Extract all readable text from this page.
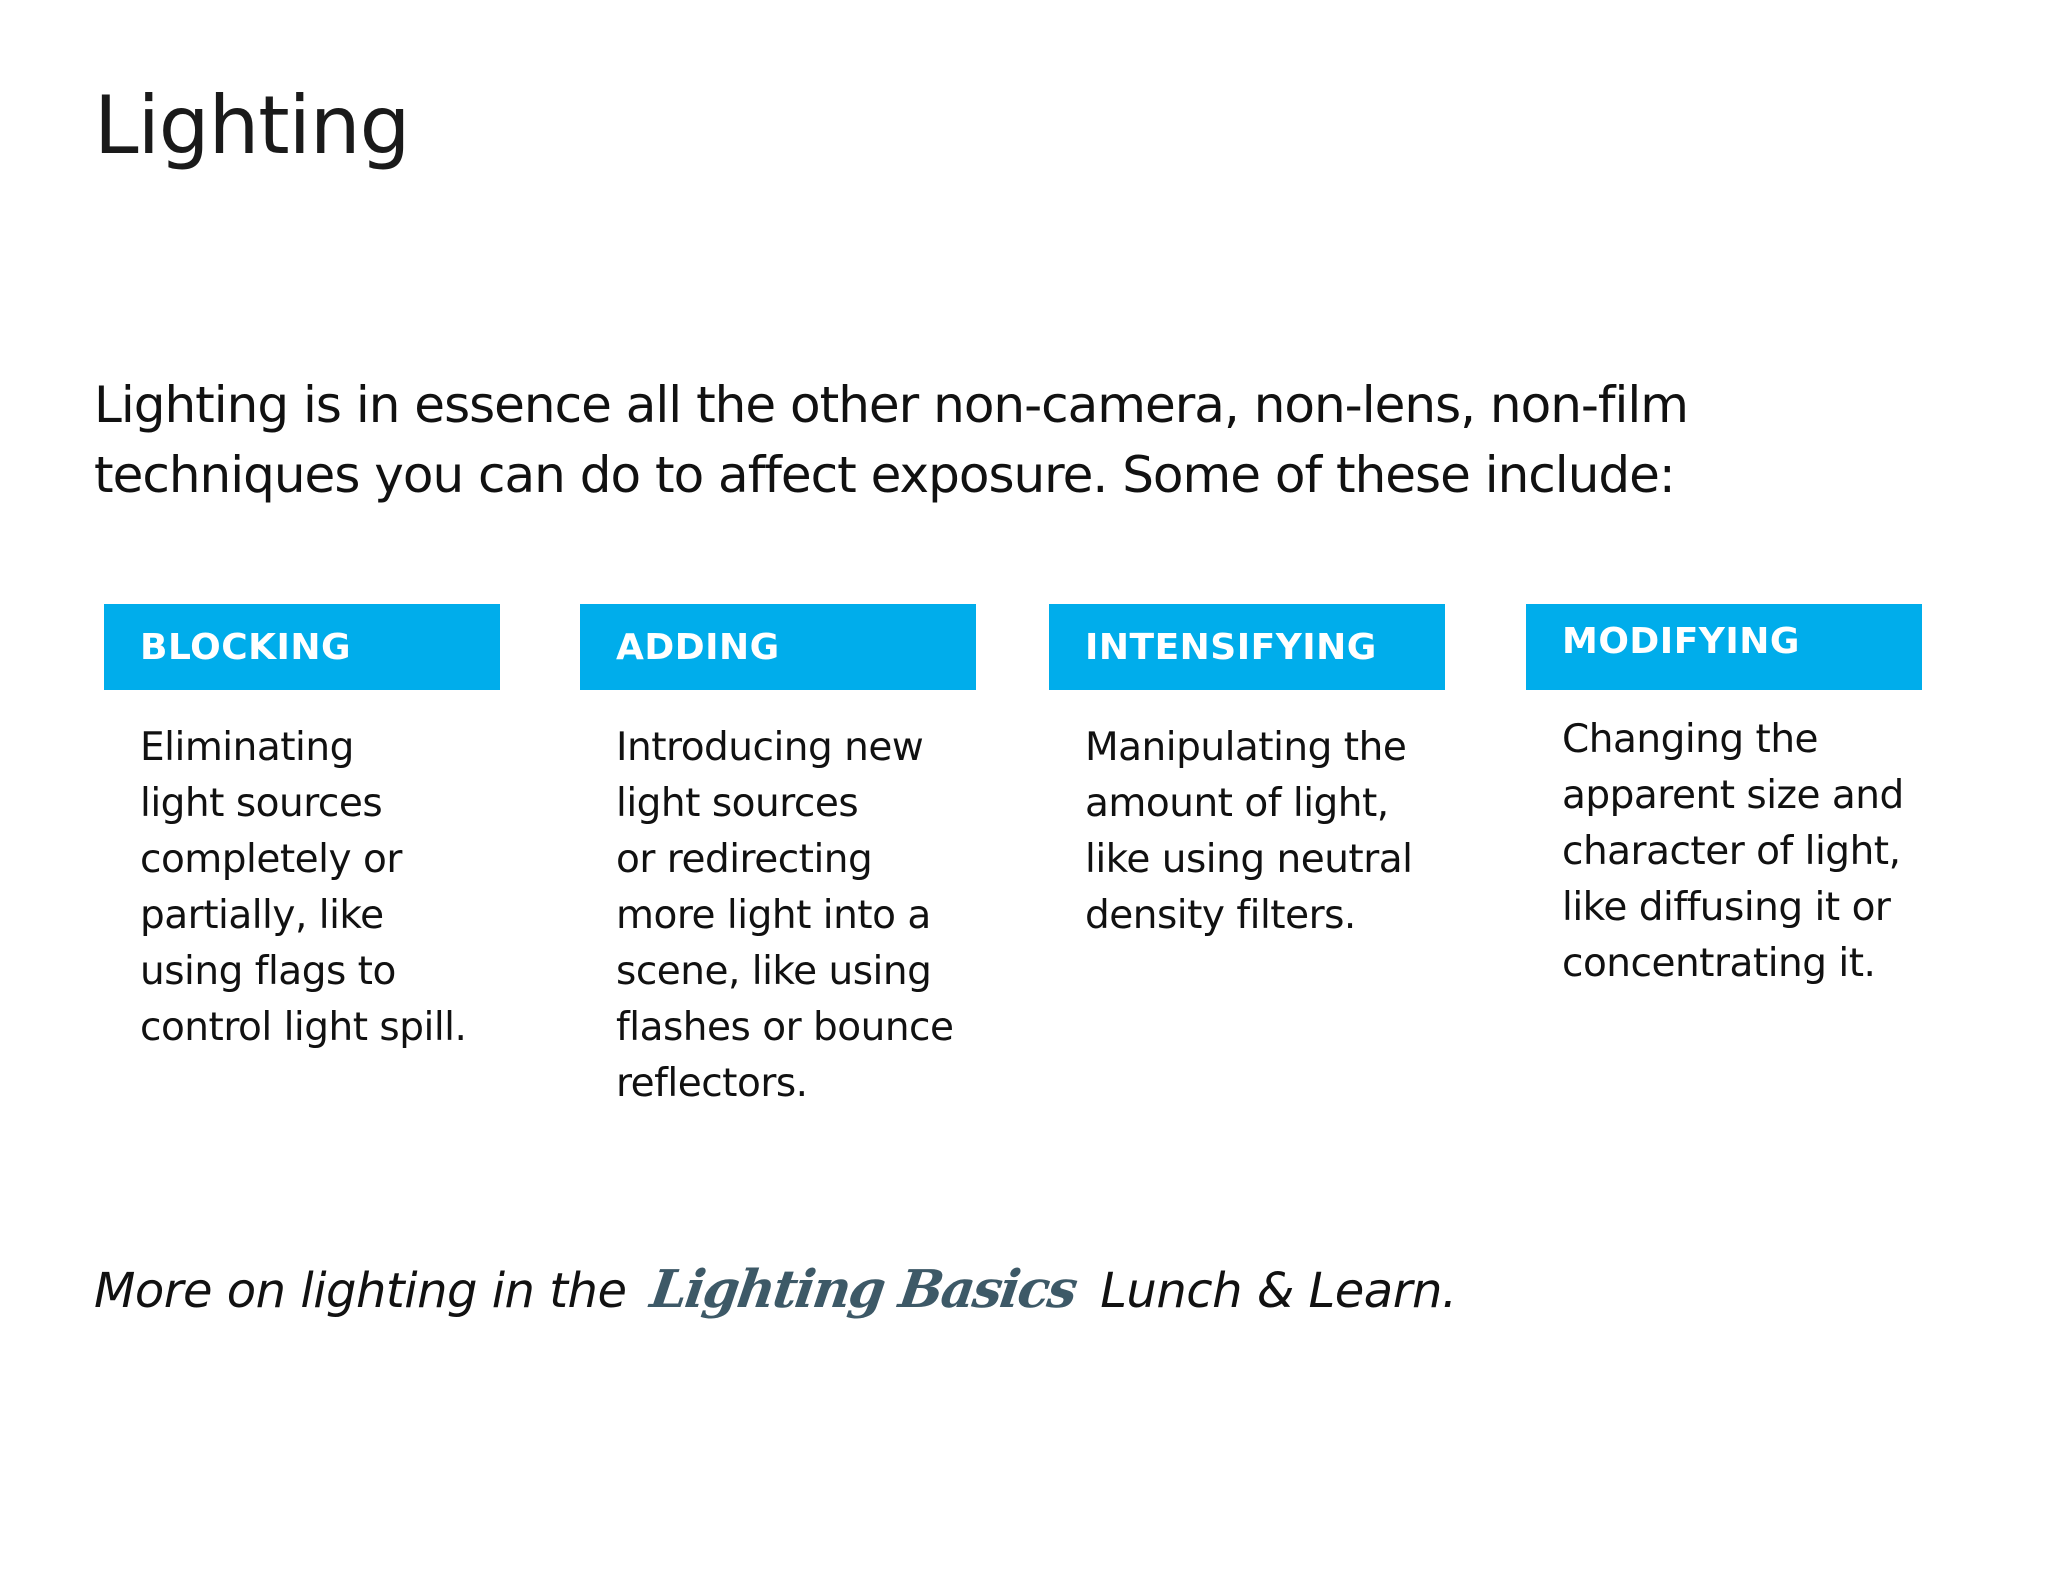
Lighting

Lighting is in essence all the other non-camera, non-lens, non-film
techniques you can do to affect exposure. Some of these include:

BLOCKING

Eliminating
light sources
completely or
partially, like
using flags to
control light spill.

ADDING

Introducing new
light sources
or redirecting
more light into a
scene, like using
flashes or bounce
reflectors.

INTENSIFYING

Manipulating the
amount of light,
like using neutral
density filters.

MODIFYING

Changing the
apparent size and
character of light,
like diffusing it or
concentrating it.

More on lighting in the Lighting Basics Lunch & Learn.
